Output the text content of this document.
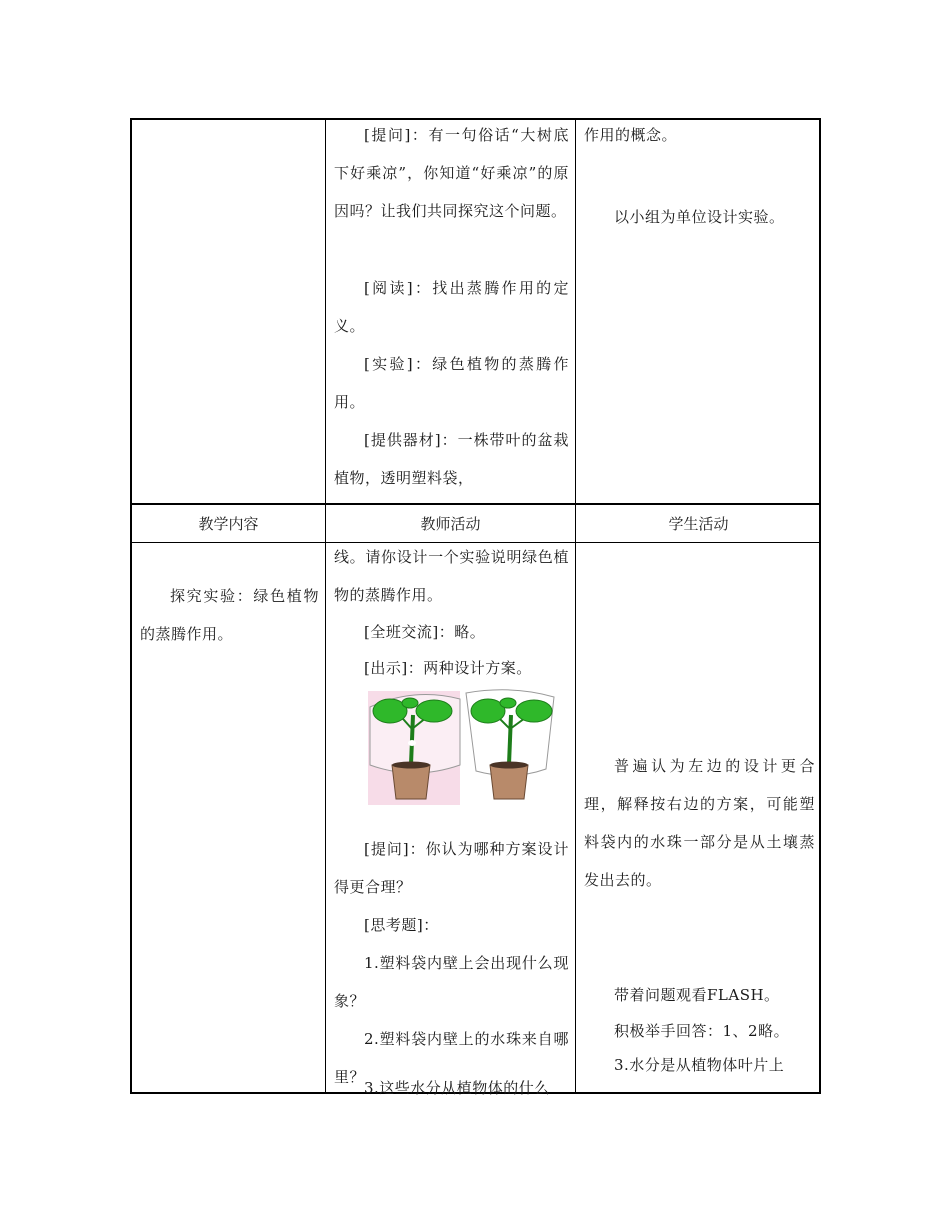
[提问]：有一句俗话“大树底下好乘凉”，你知道“好乘凉”的原因吗？让我们共同探究这个问题。
[阅读]：找出蒸腾作用的定义。
[实验]：绿色植物的蒸腾作用。
[提供器材]：一株带叶的盆栽植物，透明塑料袋，
作用的概念。
以小组为单位设计实验。
教学内容	教师活动	学生活动
探究实验：绿色植物的蒸腾作用。
线。请你设计一个实验说明绿色植物的蒸腾作用。
[全班交流]：略。
[出示]：两种设计方案。
[提问]：你认为哪种方案设计得更合理？
[思考题]：
1.塑料袋内壁上会出现什么现象？
2.塑料袋内壁上的水珠来自哪里？
3.这些水分从植物体的什么
普遍认为左边的设计更合理，解释按右边的方案，可能塑料袋内的水珠一部分是从土壤蒸发出去的。
带着问题观看FLASH。
积极举手回答：1、2略。
3.水分是从植物体叶片上
